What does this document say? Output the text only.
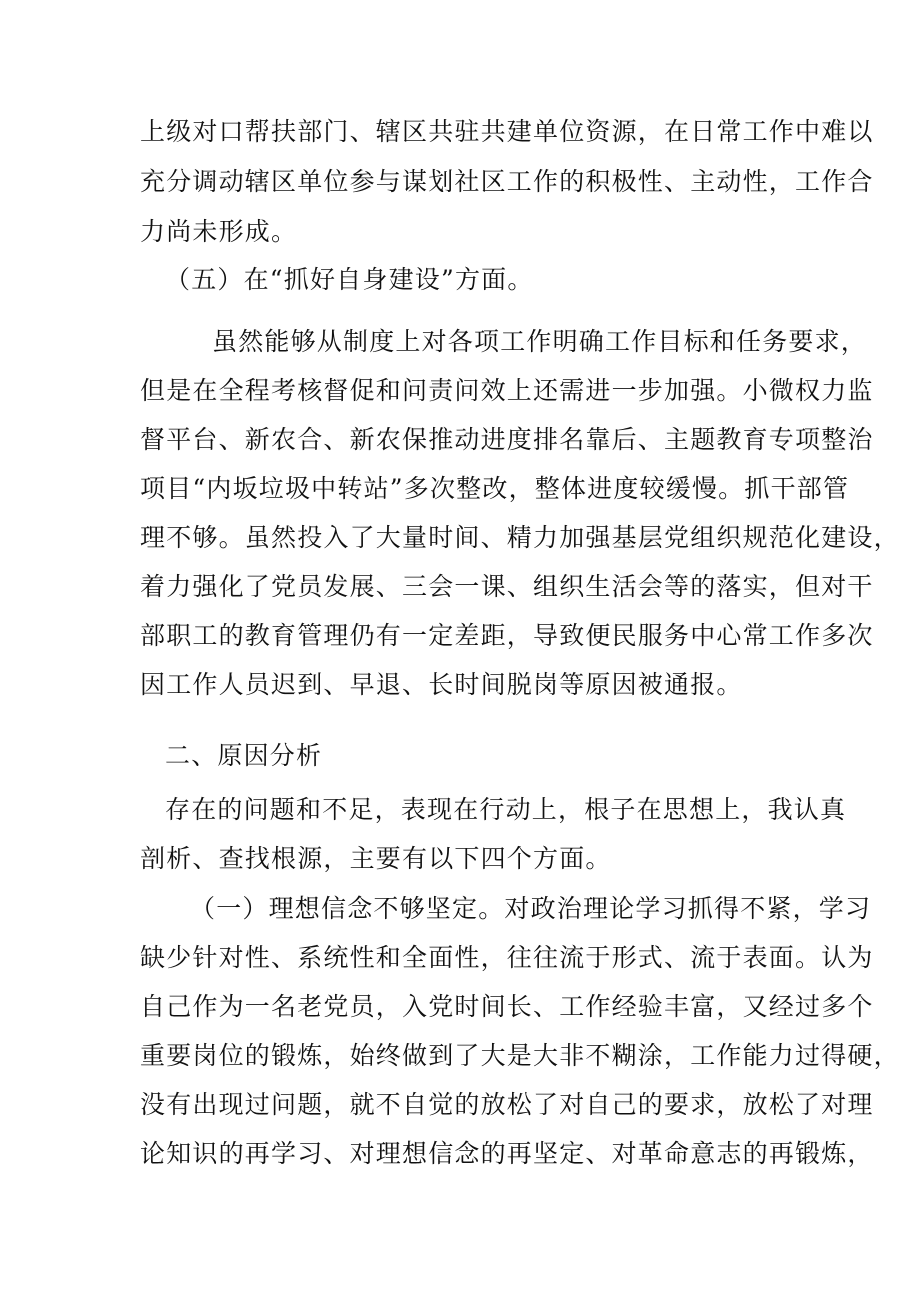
上级对口帮扶部门、辖区共驻共建单位资源，在日常工作中难以
充分调动辖区单位参与谋划社区工作的积极性、主动性，工作合
力尚未形成。
（五）在“抓好自身建设”方面。
虽然能够从制度上对各项工作明确工作目标和任务要求，
但是在全程考核督促和问责问效上还需进一步加强。小微权力监
督平台、新农合、新农保推动进度排名靠后、主题教育专项整治
项目“内坂垃圾中转站”多次整改，整体进度较缓慢。抓干部管
理不够。虽然投入了大量时间、精力加强基层党组织规范化建设，
着力强化了党员发展、三会一课、组织生活会等的落实，但对干
部职工的教育管理仍有一定差距，导致便民服务中心常工作多次
因工作人员迟到、早退、长时间脱岗等原因被通报。
二、原因分析
存在的问题和不足，表现在行动上，根子在思想上，我认真
剖析、查找根源，主要有以下四个方面。
（一）理想信念不够坚定。对政治理论学习抓得不紧，学习
缺少针对性、系统性和全面性，往往流于形式、流于表面。认为
自己作为一名老党员，入党时间长、工作经验丰富，又经过多个
重要岗位的锻炼，始终做到了大是大非不糊涂，工作能力过得硬，
没有出现过问题，就不自觉的放松了对自己的要求，放松了对理
论知识的再学习、对理想信念的再坚定、对革命意志的再锻炼，
